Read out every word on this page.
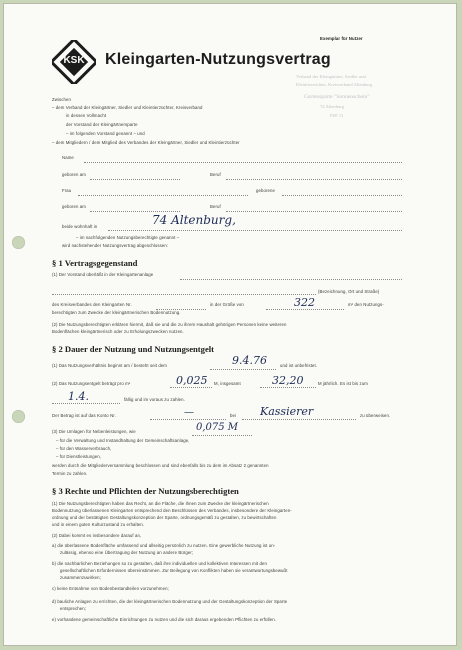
Exemplar für Nutzer
KSK	Kleingarten-Nutzungsvertrag
Verband der Kleingärtner, Siedler und
Kleintierzüchter, Kreisverband Altenburg
Gartensparte "Sonnenschein"
74 Altenburg
PSF 11
Zwischen
– dem Verband der Kleingärtner, Siedler und Kleintierzüchter, Kreisverband
in dessen Vollmacht
der Vorstand der Kleingärtnersparte
– im folgenden Vorstand genannt – und
– dem Mitgliedern / dem Mitglied des Verbandes der Kleingärtner, Siedler und Kleintierzüchter
Name
geboren am	Beruf
Frau	geborene
geboren am	Beruf
beide wohnhaft in	74 Altenburg,
– im nachfolgenden Nutzungsberechtigte genannt –
wird nachstehender Nutzungsvertrag abgeschlossen:
§ 1 Vertragsgegenstand
(1) Der Vorstand überläßt in der Kleingartenanlage
(Bezeichnung, Ort und Straße)
des Kreisverbandes den Kleingarten Nr.	in der Größe von	322	m² den Nutzungs-
berechtigten zum Zwecke der kleingärtnerischen Bodennutzung.
(2) Die Nutzungsberechtigten erklären hiermit, daß sie und die zu ihrem Haushalt gehörigen Personen keine weiteren
Bodenflächen kleingärtnerisch oder zu Erholungszwecken nutzen.
§ 2 Dauer der Nutzung und Nutzungsentgelt
(1) Das Nutzungsverhältnis beginnt am / besteht seit dem	9.4.76	und ist unbefristet.
(2) Das Nutzungsentgelt beträgt pro m²	0,025 M, insgesamt	32,20	M jährlich. Es ist bis zum
1.4.	fällig und im voraus zu zahlen.
Der Betrag ist auf das Konto Nr.	—	bei Kassierer	zu überweisen.
(3) Die Umlagen für Nebenleistungen, wie	0,075 M
– für die Verwaltung und Instandhaltung der Gemeinschaftsanlage,
– für den Wasserverbrauch,
– für Dienstleistungen,
werden durch die Mitgliederversammlung beschlossen und sind ebenfalls bis zu dem im Absatz 2 genannten
Termin zu zahlen.
§ 3 Rechte und Pflichten der Nutzungsberechtigten
(1) Die Nutzungsberechtigten haben das Recht, an die Fläche, die ihnen zum Zwecke der kleingärtnerischen
Bodennutzung überlassenen Kleingarten entsprechend den Beschlüssen des Verbandes, insbesondere der Kleingarten-
ordnung und der bestätigten Gestaltungskonzeption der Sparte, ordnungsgemäß zu gestalten, zu bewirtschaften
und in einem guten Kulturzustand zu erhalten.
(2) Dabei kommt es insbesondere darauf an,
a) die überlassene Bodenfläche umfassend und allseitig persönlich zu nutzen. Eine gewerbliche Nutzung ist un-
zulässig, ebenso eine Übertragung der Nutzung an andere Bürger;
b) die nachbarlichen Beziehungen so zu gestalten, daß ihre individuellen und kollektiven Interessen mit den
gesellschaftlichen Erfordernissen übereinstimmen. Zur Beilegung von Konflikten haben sie verantwortungsbewußt
zusammenzuwirken;
c) keine Entnahme von Bodenbestandteilen vorzunehmen;
d) bauliche Anlagen zu errichten, die der kleingärtnerischen Bodennutzung und der Gestaltungskonzeption der Sparte
entsprechen;
e) vorhandene gemeinschaftliche Einrichtungen zu nutzen und die sich daraus ergebenden Pflichten zu erfüllen.
